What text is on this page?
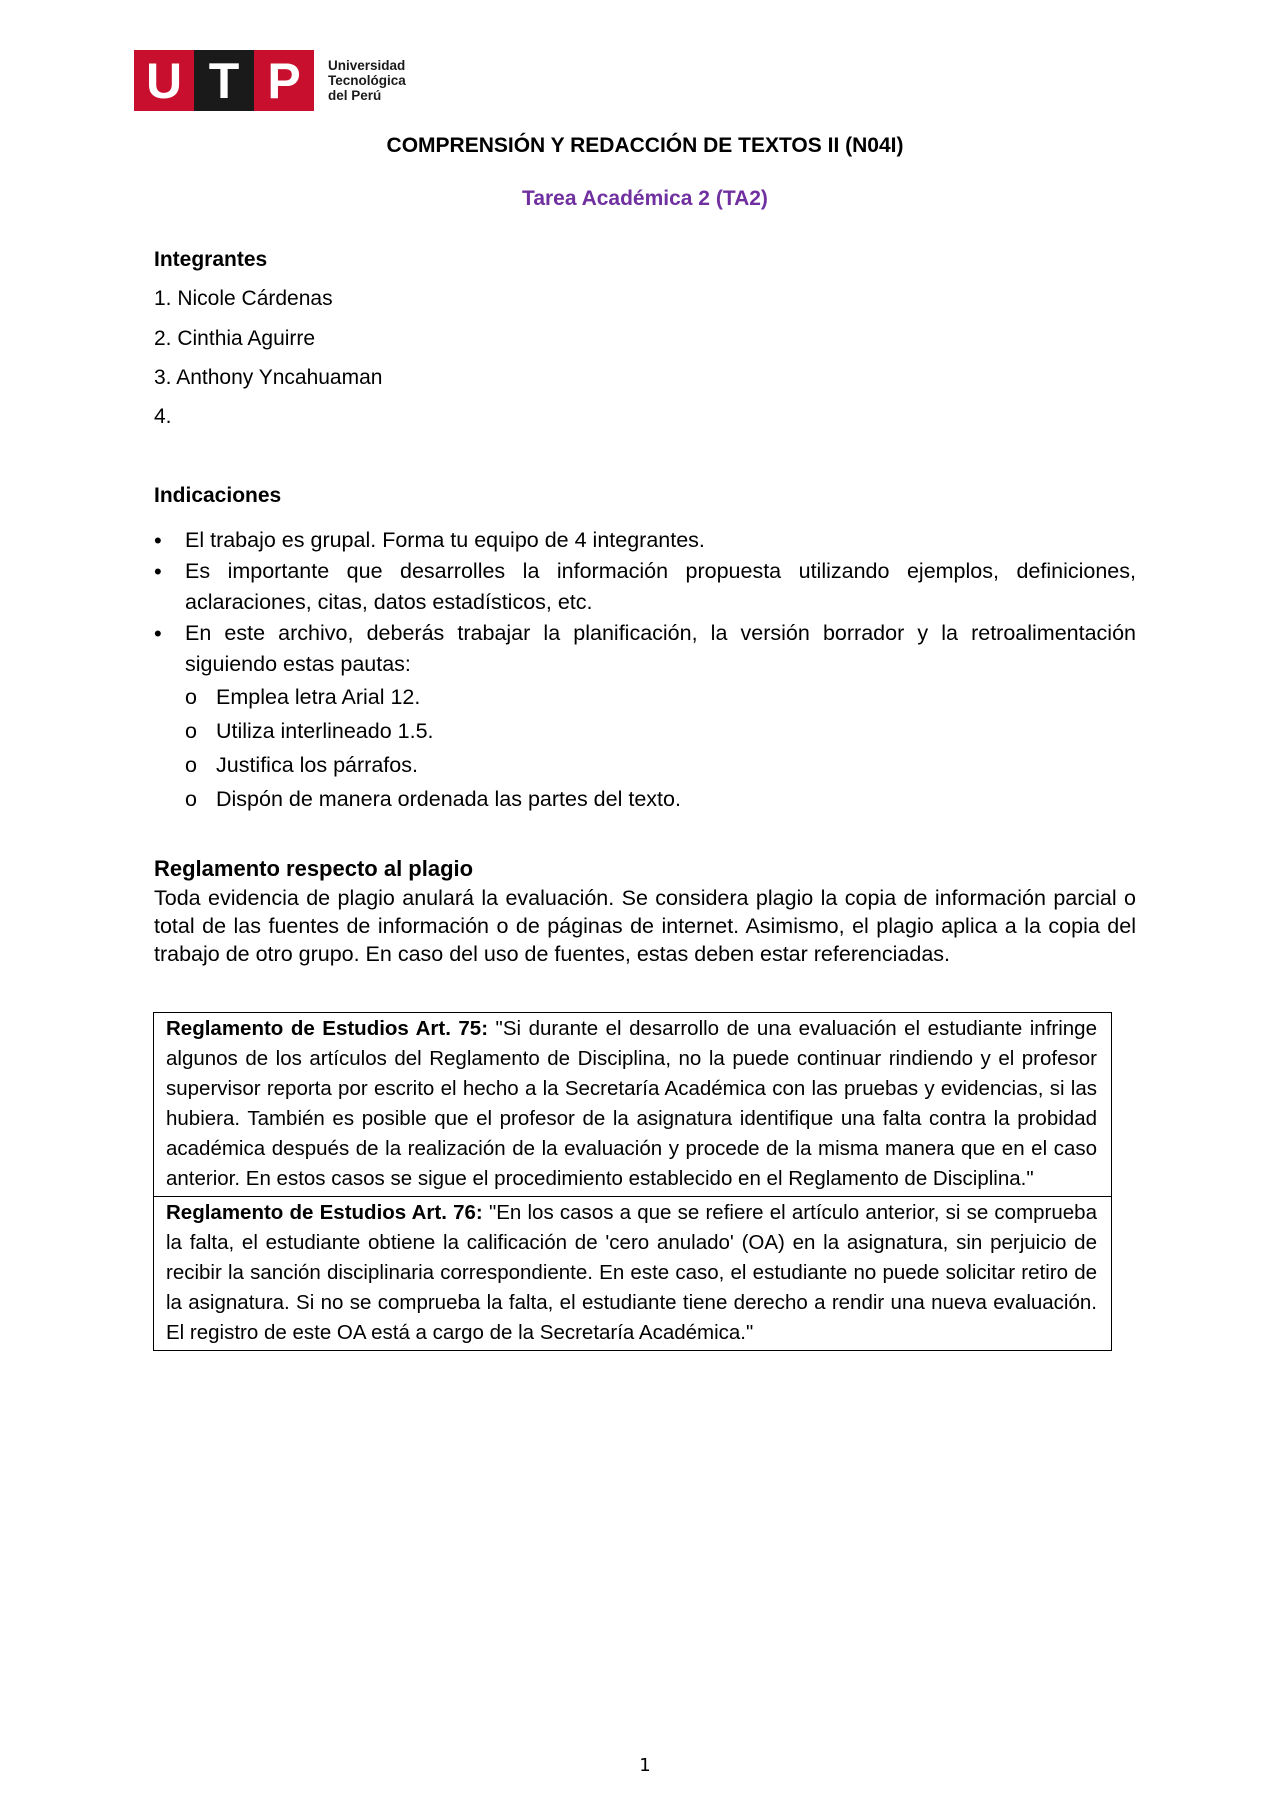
U T P	Universidad
Tecnológica
del Perú
COMPRENSIÓN Y REDACCIÓN DE TEXTOS II (N04I)
Tarea Académica 2 (TA2)
Integrantes
1. Nicole Cárdenas
2. Cinthia Aguirre
3. Anthony Yncahuaman
4.
Indicaciones
•	El trabajo es grupal. Forma tu equipo de 4 integrantes.
•	Es importante que desarrolles la información propuesta utilizando ejemplos, definiciones, aclaraciones, citas, datos estadísticos, etc.
•	En este archivo, deberás trabajar la planificación, la versión borrador y la retroalimentación siguiendo estas pautas:
o Emplea letra Arial 12.
o Utiliza interlineado 1.5.
o Justifica los párrafos.
o Dispón de manera ordenada las partes del texto.
Reglamento respecto al plagio
Toda evidencia de plagio anulará la evaluación. Se considera plagio la copia de información parcial o total de las fuentes de información o de páginas de internet. Asimismo, el plagio aplica a la copia del trabajo de otro grupo. En caso del uso de fuentes, estas deben estar referenciadas.
Reglamento de Estudios Art. 75: "Si durante el desarrollo de una evaluación el estudiante infringe algunos de los artículos del Reglamento de Disciplina, no la puede continuar rindiendo y el profesor supervisor reporta por escrito el hecho a la Secretaría Académica con las pruebas y evidencias, si las hubiera. También es posible que el profesor de la asignatura identifique una falta contra la probidad académica después de la realización de la evaluación y procede de la misma manera que en el caso anterior. En estos casos se sigue el procedimiento establecido en el Reglamento de Disciplina."
Reglamento de Estudios Art. 76: "En los casos a que se refiere el artículo anterior, si se comprueba la falta, el estudiante obtiene la calificación de 'cero anulado' (OA) en la asignatura, sin perjuicio de recibir la sanción disciplinaria correspondiente. En este caso, el estudiante no puede solicitar retiro de la asignatura. Si no se comprueba la falta, el estudiante tiene derecho a rendir una nueva evaluación. El registro de este OA está a cargo de la Secretaría Académica."
1
